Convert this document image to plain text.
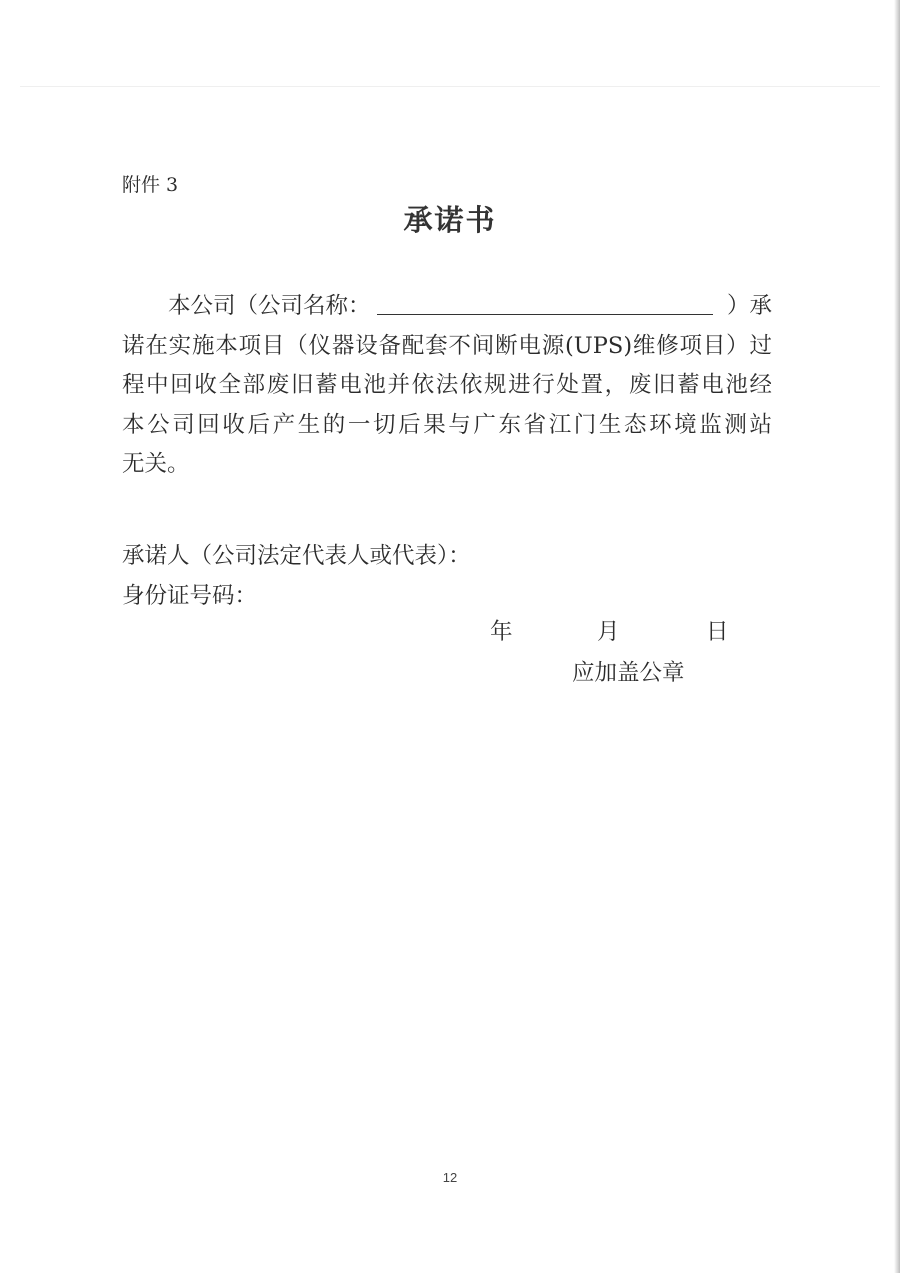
附件 3
承诺书
本公司（公司名称：	）承
诺在实施本项目（仪器设备配套不间断电源(UPS)维修项目）过
程中回收全部废旧蓄电池并依法依规进行处置，废旧蓄电池经
本公司回收后产生的一切后果与广东省江门生态环境监测站
无关。
承诺人（公司法定代表人或代表）：
身份证号码：
年	月	日
应加盖公章
12
